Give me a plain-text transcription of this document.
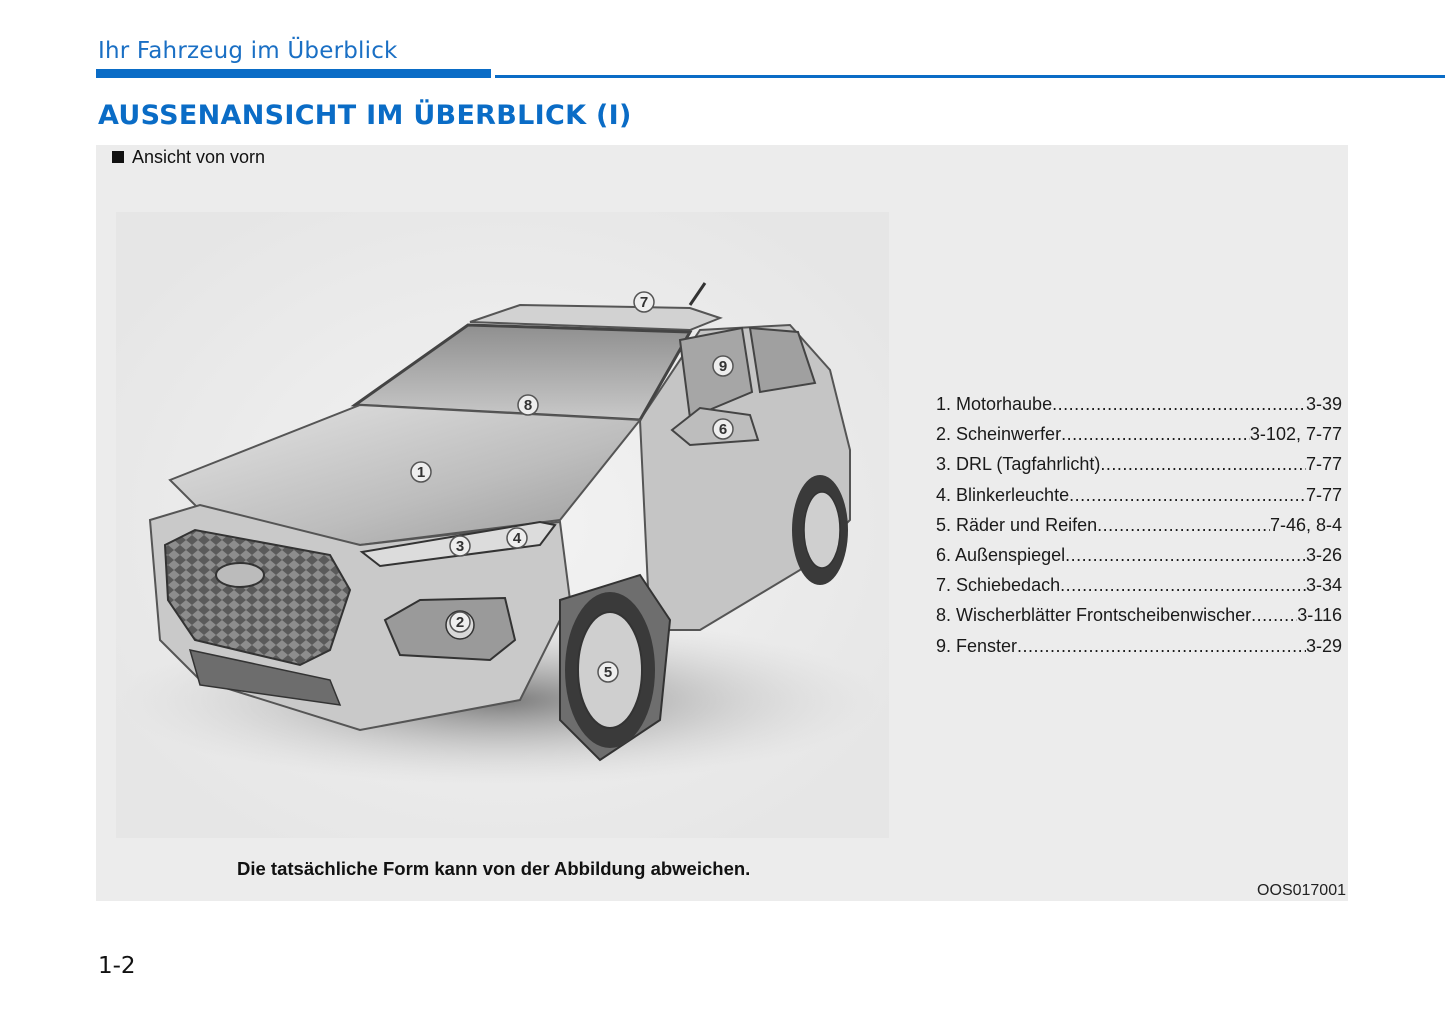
Ihr Fahrzeug im Überblick
AUSSENANSICHT IM ÜBERBLICK (I)
Ansicht von vorn
1
2
3	4
5
6
7
8
9
1. Motorhaube .....	3-39
2. Scheinwerfer .....	3-102, 7-77
3. DRL (Tagfahrlicht) .....	7-77
4. Blinkerleuchte .....	7-77
5. Räder und Reifen .....	7-46, 8-4
6. Außenspiegel .....	3-26
7. Schiebedach .....	3-34
8. Wischerblätter Frontscheibenwischer .....	3-116
9. Fenster .....	3-29
Die tatsächliche Form kann von der Abbildung abweichen.
OOS017001
1-2
